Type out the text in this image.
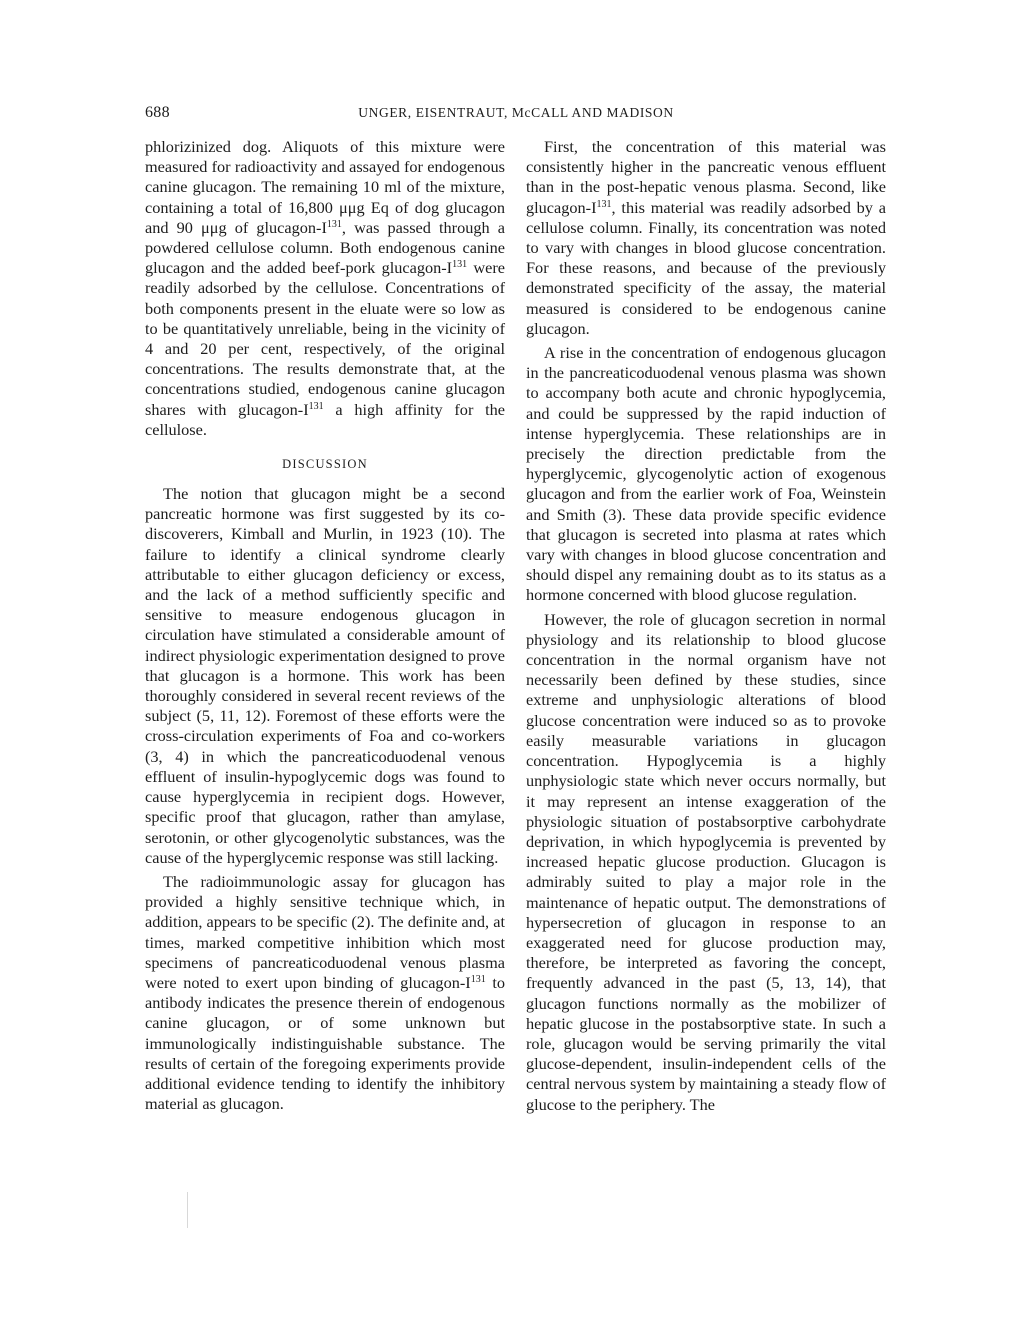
688	UNGER, EISENTRAUT, McCALL AND MADISON

phlorizinized dog. Aliquots of this mixture were measured for radioactivity and assayed for endogenous canine glucagon. The remaining 10 ml of the mixture, containing a total of 16,800 μμg Eq of dog glucagon and 90 μμg of glucagon-$I^{131}$, was passed through a powdered cellulose column. Both endogenous canine glucagon and the added beef-pork glucagon-$I^{131}$ were readily adsorbed by the cellulose. Concentrations of both components present in the eluate were so low as to be quantitatively unreliable, being in the vicinity of 4 and 20 per cent, respectively, of the original concentrations. The results demonstrate that, at the concentrations studied, endogenous canine glucagon shares with glucagon-$I^{131}$ a high affinity for the cellulose.

DISCUSSION

The notion that glucagon might be a second pancreatic hormone was first suggested by its co-discoverers, Kimball and Murlin, in 1923 (10). The failure to identify a clinical syndrome clearly attributable to either glucagon deficiency or excess, and the lack of a method sufficiently specific and sensitive to measure endogenous glucagon in circulation have stimulated a considerable amount of indirect physiologic experimentation designed to prove that glucagon is a hormone. This work has been thoroughly considered in several recent reviews of the subject (5, 11, 12). Foremost of these efforts were the cross-circulation experiments of Foa and co-workers (3, 4) in which the pancreaticoduodenal venous effluent of insulin-hypoglycemic dogs was found to cause hyperglycemia in recipient dogs. However, specific proof that glucagon, rather than amylase, serotonin, or other glycogenolytic substances, was the cause of the hyperglycemic response was still lacking.

The radioimmunologic assay for glucagon has provided a highly sensitive technique which, in addition, appears to be specific (2). The definite and, at times, marked competitive inhibition which most specimens of pancreaticoduodenal venous plasma were noted to exert upon binding of glucagon-$I^{131}$ to antibody indicates the presence therein of endogenous canine glucagon, or of some unknown but immunologically indistinguishable substance. The results of certain of the foregoing experiments provide additional evidence tending to identify the inhibitory material as glucagon.

First, the concentration of this material was consistently higher in the pancreatic venous effluent than in the post-hepatic venous plasma. Second, like glucagon-$I^{131}$, this material was readily adsorbed by a cellulose column. Finally, its concentration was noted to vary with changes in blood glucose concentration. For these reasons, and because of the previously demonstrated specificity of the assay, the material measured is considered to be endogenous canine glucagon.

A rise in the concentration of endogenous glucagon in the pancreaticoduodenal venous plasma was shown to accompany both acute and chronic hypoglycemia, and could be suppressed by the rapid induction of intense hyperglycemia. These relationships are in precisely the direction predictable from the hyperglycemic, glycogenolytic action of exogenous glucagon and from the earlier work of Foa, Weinstein and Smith (3). These data provide specific evidence that glucagon is secreted into plasma at rates which vary with changes in blood glucose concentration and should dispel any remaining doubt as to its status as a hormone concerned with blood glucose regulation.

However, the role of glucagon secretion in normal physiology and its relationship to blood glucose concentration in the normal organism have not necessarily been defined by these studies, since extreme and unphysiologic alterations of blood glucose concentration were induced so as to provoke easily measurable variations in glucagon concentration. Hypoglycemia is a highly unphysiologic state which never occurs normally, but it may represent an intense exaggeration of the physiologic situation of postabsorptive carbohydrate deprivation, in which hypoglycemia is prevented by increased hepatic glucose production. Glucagon is admirably suited to play a major role in the maintenance of hepatic output. The demonstrations of hypersecretion of glucagon in response to an exaggerated need for glucose production may, therefore, be interpreted as favoring the concept, frequently advanced in the past (5, 13, 14), that glucagon functions normally as the mobilizer of hepatic glucose in the postabsorptive state. In such a role, glucagon would be serving primarily the vital glucose-dependent, insulin-independent cells of the central nervous system by maintaining a steady flow of glucose to the periphery. The
